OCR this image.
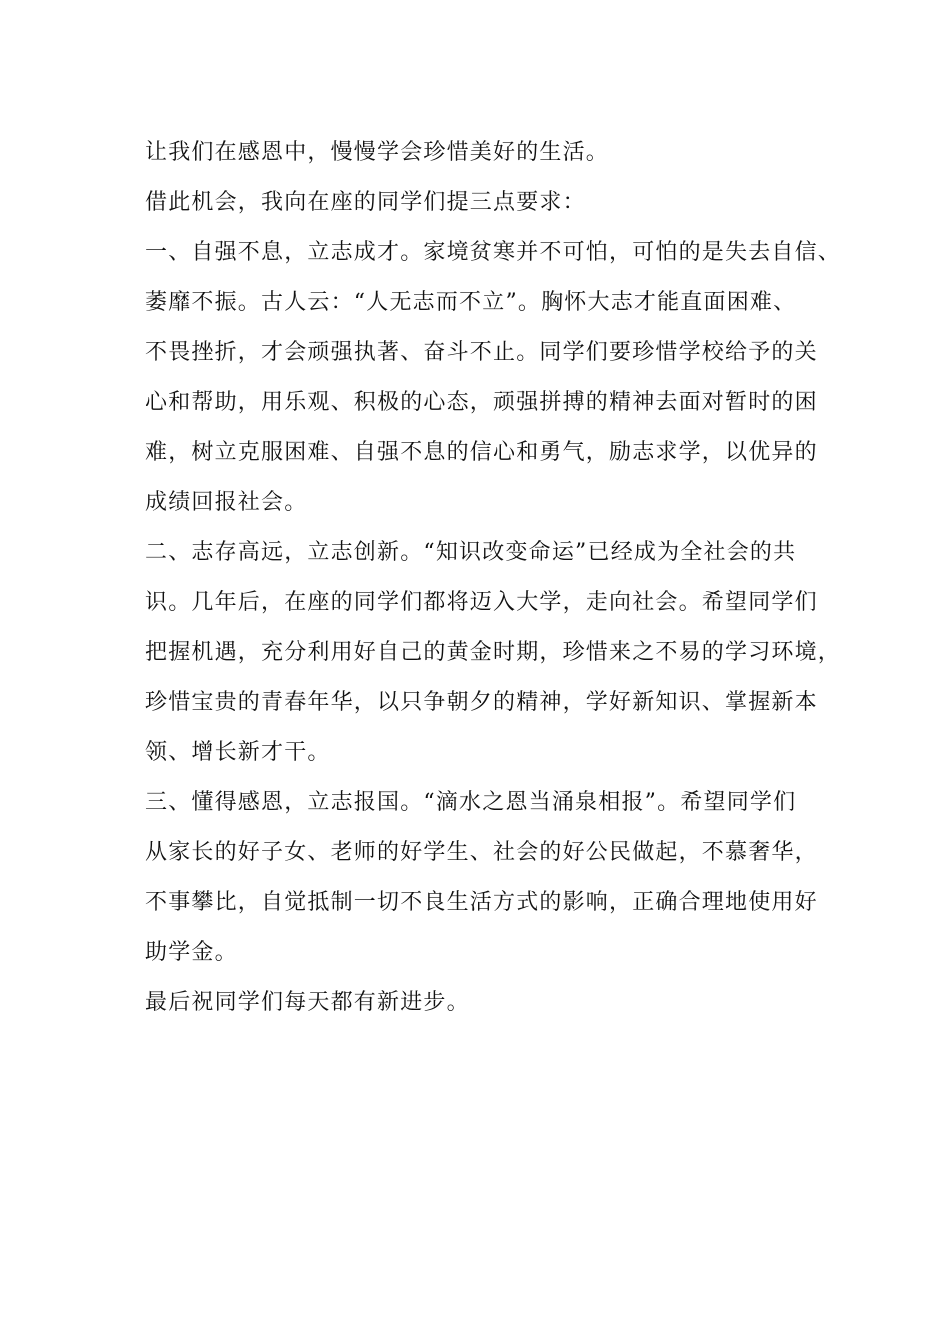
让我们在感恩中，慢慢学会珍惜美好的生活。
借此机会，我向在座的同学们提三点要求：
一、自强不息，立志成才。家境贫寒并不可怕，可怕的是失去自信、
萎靡不振。古人云：“人无志而不立”。胸怀大志才能直面困难、
不畏挫折，才会顽强执著、奋斗不止。同学们要珍惜学校给予的关
心和帮助，用乐观、积极的心态，顽强拼搏的精神去面对暂时的困
难，树立克服困难、自强不息的信心和勇气，励志求学，以优异的
成绩回报社会。
二、志存高远，立志创新。“知识改变命运”已经成为全社会的共
识。几年后，在座的同学们都将迈入大学，走向社会。希望同学们
把握机遇，充分利用好自己的黄金时期，珍惜来之不易的学习环境，
珍惜宝贵的青春年华，以只争朝夕的精神，学好新知识、掌握新本
领、增长新才干。
三、懂得感恩，立志报国。“滴水之恩当涌泉相报”。希望同学们
从家长的好子女、老师的好学生、社会的好公民做起，不慕奢华，
不事攀比，自觉抵制一切不良生活方式的影响，正确合理地使用好
助学金。
最后祝同学们每天都有新进步。
